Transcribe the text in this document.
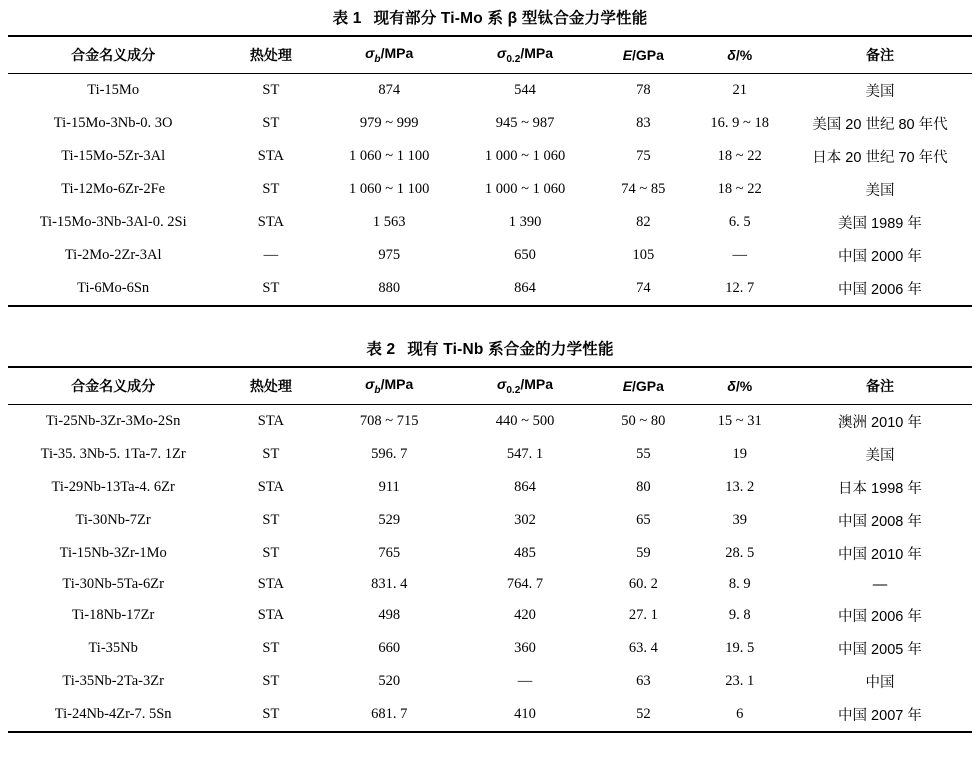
表 1 现有部分 Ti-Mo 系 β 型钛合金力学性能
合金名义成分	热处理	$\sigma_b$/MPa	$\sigma_{0.2}$/MPa	E/GPa	δ/%	备注
Ti-15Mo	ST	874	544	78	21	美国
Ti-15Mo-3Nb-0. 3O	ST	979 ~ 999	945 ~ 987	83	16. 9 ~ 18	美国 20 世纪 80 年代
Ti-15Mo-5Zr-3Al	STA	1 060 ~ 1 100	1 000 ~ 1 060	75	18 ~ 22	日本 20 世纪 70 年代
Ti-12Mo-6Zr-2Fe	ST	1 060 ~ 1 100	1 000 ~ 1 060	74 ~ 85	18 ~ 22	美国
Ti-15Mo-3Nb-3Al-0. 2Si	STA	1 563	1 390	82	6. 5	美国 1989 年
Ti-2Mo-2Zr-3Al	—	975	650	105	—	中国 2000 年
Ti-6Mo-6Sn	ST	880	864	74	12. 7	中国 2006 年
表 2 现有 Ti-Nb 系合金的力学性能
合金名义成分	热处理	$\sigma_b$/MPa	$\sigma_{0.2}$/MPa	E/GPa	δ/%	备注
Ti-25Nb-3Zr-3Mo-2Sn	STA	708 ~ 715	440 ~ 500	50 ~ 80	15 ~ 31	澳洲 2010 年
Ti-35. 3Nb-5. 1Ta-7. 1Zr	ST	596. 7	547. 1	55	19	美国
Ti-29Nb-13Ta-4. 6Zr	STA	911	864	80	13. 2	日本 1998 年
Ti-30Nb-7Zr	ST	529	302	65	39	中国 2008 年
Ti-15Nb-3Zr-1Mo	ST	765	485	59	28. 5	中国 2010 年
Ti-30Nb-5Ta-6Zr	STA	831. 4	764. 7	60. 2	8. 9	—
Ti-18Nb-17Zr	STA	498	420	27. 1	9. 8	中国 2006 年
Ti-35Nb	ST	660	360	63. 4	19. 5	中国 2005 年
Ti-35Nb-2Ta-3Zr	ST	520	—	63	23. 1	中国
Ti-24Nb-4Zr-7. 5Sn	ST	681. 7	410	52	6	中国 2007 年
